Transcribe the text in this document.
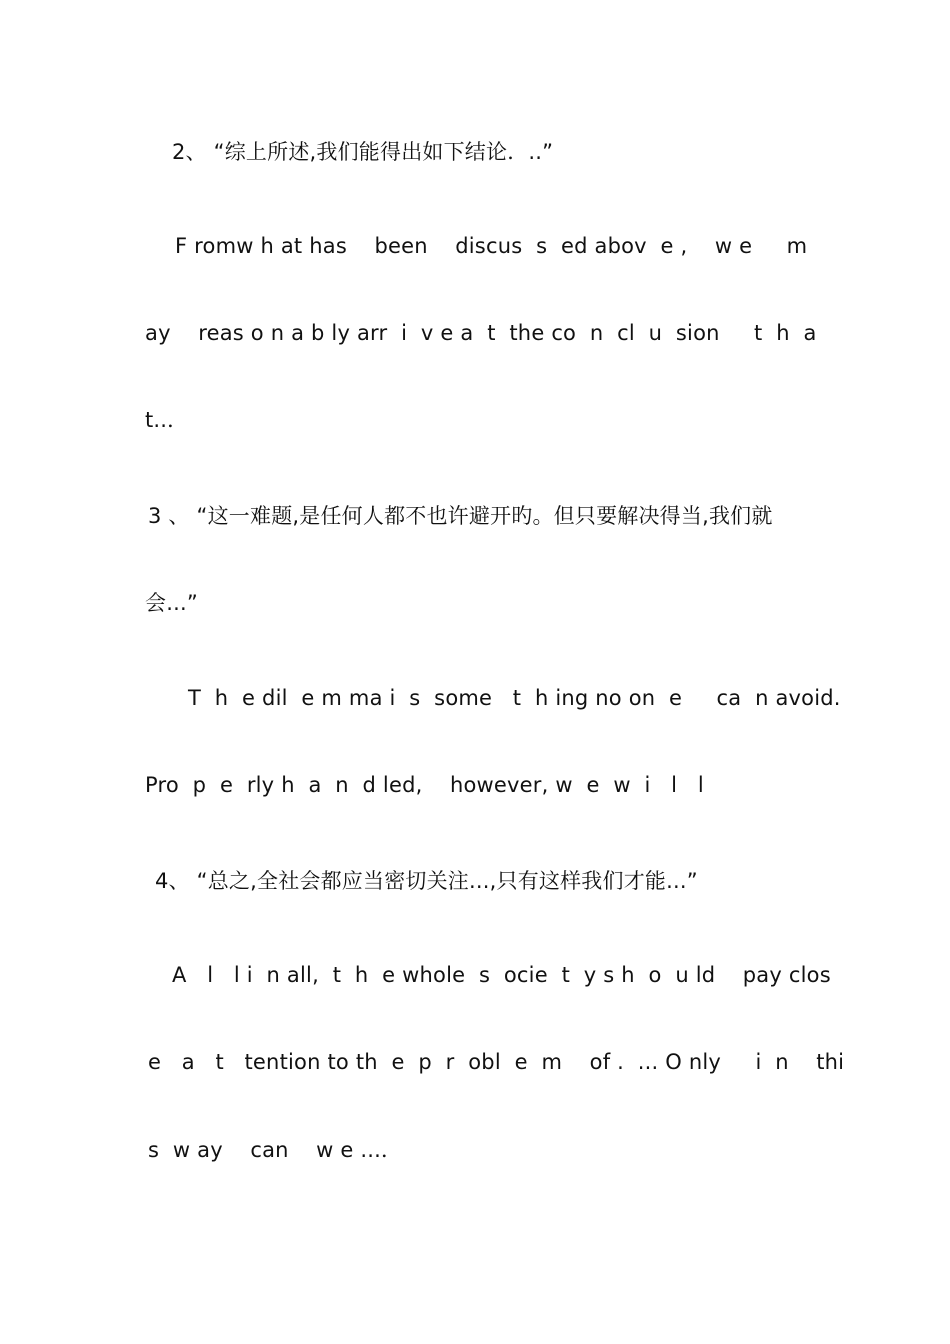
2、 “综上所述,我们能得出如下结论．..”
F romw h at has    been    discus  s  ed abov  e ,    w e     m
ay    reas o n a b ly arr  i  v e a  t  the co  n  cl  u  sion     t  h  a
t..．
3 、 “这一难题,是任何人都不也许避开旳。但只要解决得当,我们就
会...”
T  h  e dil  e m ma i  s  some   t  h ing no on  e     ca  n avoid.
Pro  p  e  rly h  a  n  d led,    however, w  e  w  i   l   l
4、 “总之,全社会都应当密切关注...,只有这样我们才能...”
A   l   l i  n all,  t  h  e whole  s  ocie  t  y s h  o  u ld    pay clos
e   a   t   tention to th  e  p  r  obl  e  m    of .  ... O nly     i  n    thi
s  w ay    can    w e ...．
